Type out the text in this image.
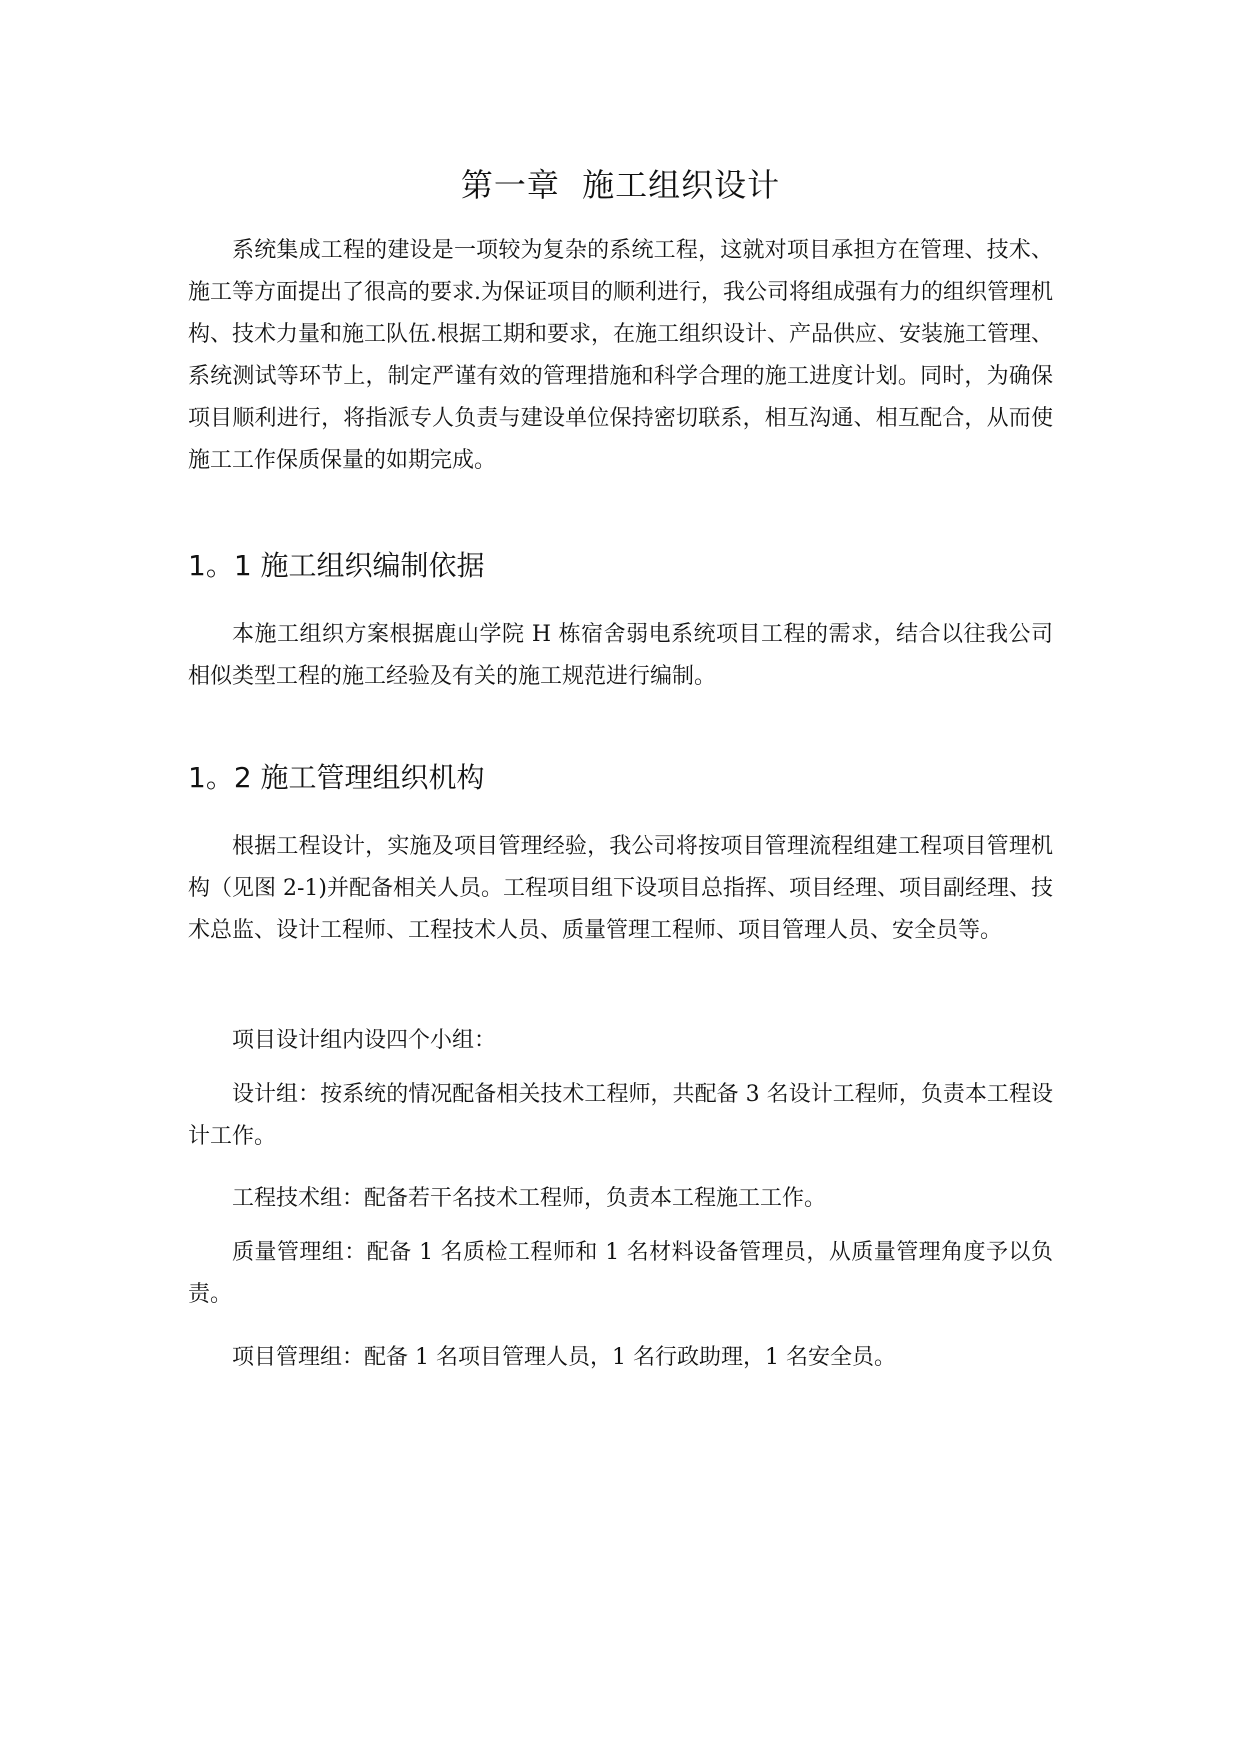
第一章  施工组织设计

系统集成工程的建设是一项较为复杂的系统工程，这就对项目承担方在管理、技术、施工等方面提出了很高的要求.为保证项目的顺利进行，我公司将组成强有力的组织管理机构、技术力量和施工队伍.根据工期和要求，在施工组织设计、产品供应、安装施工管理、系统测试等环节上，制定严谨有效的管理措施和科学合理的施工进度计划。同时，为确保项目顺利进行，将指派专人负责与建设单位保持密切联系，相互沟通、相互配合，从而使施工工作保质保量的如期完成。

1。1 施工组织编制依据

本施工组织方案根据鹿山学院 H 栋宿舍弱电系统项目工程的需求，结合以往我公司相似类型工程的施工经验及有关的施工规范进行编制。

1。2 施工管理组织机构

根据工程设计，实施及项目管理经验，我公司将按项目管理流程组建工程项目管理机构（见图 2-1)并配备相关人员。工程项目组下设项目总指挥、项目经理、项目副经理、技术总监、设计工程师、工程技术人员、质量管理工程师、项目管理人员、安全员等。

项目设计组内设四个小组：

设计组：按系统的情况配备相关技术工程师，共配备 3 名设计工程师，负责本工程设计工作。

工程技术组：配备若干名技术工程师，负责本工程施工工作。

质量管理组：配备 1 名质检工程师和 1 名材料设备管理员，从质量管理角度予以负责。

项目管理组：配备 1 名项目管理人员，1 名行政助理，1 名安全员。
